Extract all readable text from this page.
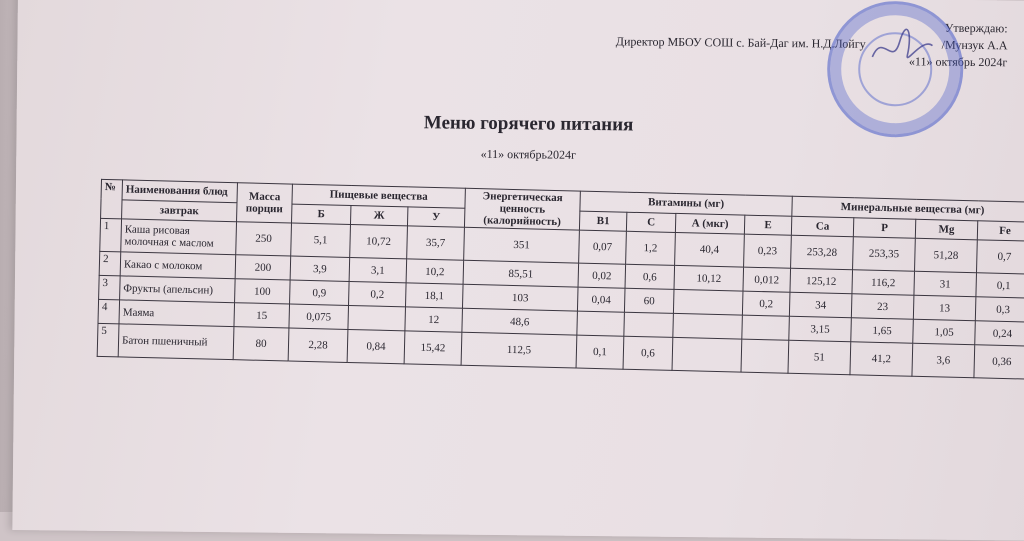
Утверждаю:
Директор МБОУ СОШ с. Бай-Даг им. Н.Д.Лойгу	/Мунзук А.А
«11» октябрь 2024г
Меню горячего питания
«11» октябрь2024г
№	Наименования блюд	Масса порции	Пищевые вещества			Энергетическая ценность (калорийность)	Витамины (мг)				Минеральные вещества (мг)			
	завтрак		Б	Ж	У		B1	C	А (мкг)	E	Ca	P	Mg	Fe
1	Каша рисовая молочная с маслом	250	5,1	10,72	35,7	351	0,07	1,2	40,4	0,23	253,28	253,35	51,28	0,7
2	Какао с молоком	200	3,9	3,1	10,2	85,51	0,02	0,6	10,12	0,012	125,12	116,2	31	0,1
3	Фрукты (апельсин)	100	0,9	0,2	18,1	103	0,04	60		0,2	34	23	13	0,3
4	Маяма	15	0,075		12	48,6					3,15	1,65	1,05	0,24
5	Батон пшеничный	80	2,28	0,84	15,42	112,5	0,1	0,6			51	41,2	3,6	0,36
